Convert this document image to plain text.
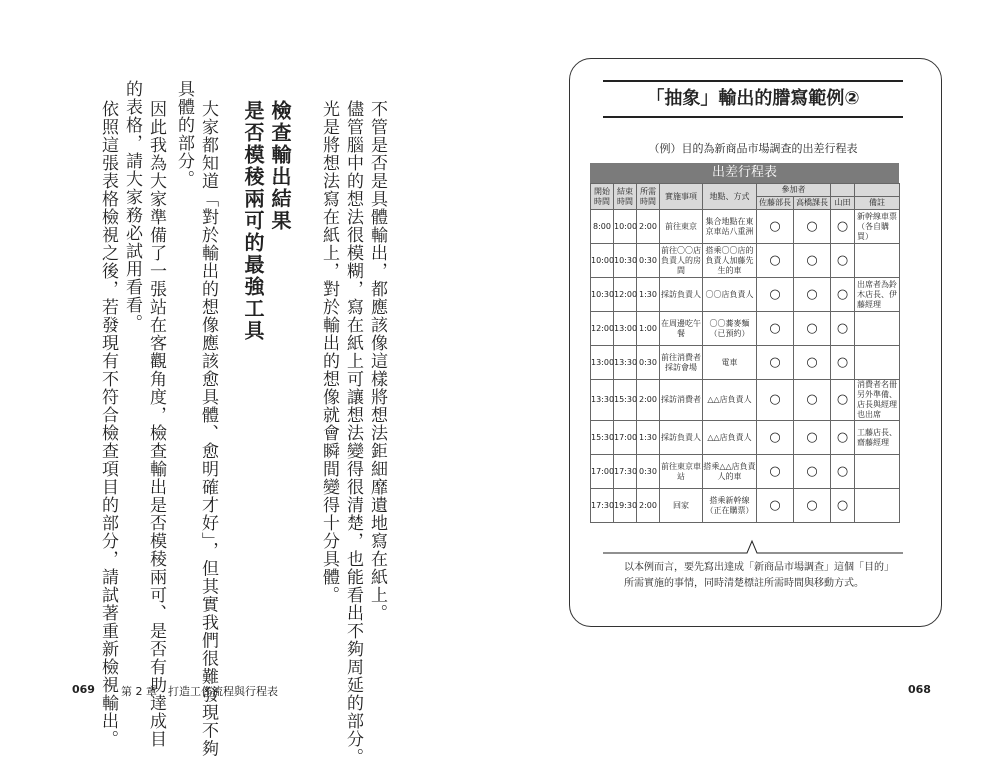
不管是否是具體輸出，都應該像這樣將想法鉅細靡遺地寫在紙上。
儘管腦中的想法很模糊，寫在紙上可讓想法變得很清楚，也能看出不夠周延的部分。
光是將想法寫在紙上，對於輸出的想像就會瞬間變得十分具體。
檢查輸出結果
是否模稜兩可的最強工具
大家都知道「對於輸出的想像應該愈具體、愈明確才好」，但其實我們很難發現不夠
具體的部分。
因此我為大家準備了一張站在客觀角度，檢查輸出是否模稜兩可、是否有助達成目
的表格，請大家務必試用看看。
依照這張表格檢視之後，若發現有不符合檢查項目的部分，請試著重新檢視輸出。
069 第 2 章　打造工作流程與行程表	068
「抽象」輸出的謄寫範例②
（例）目的為新商品市場調查的出差行程表
出差行程表
開始時間	結束時間	所需時間	實施事項	地點、方式	參加者			
					佐藤部長	高橋課長	山田	備註
8:00	10:00	2:00	前往東京	集合地點在東京車站八重洲	○	○	○	新幹線車票（各自購買）
10:00	10:30	0:30	前往〇〇店負責人的房間	搭乘〇〇店的負責人加藤先生的車	○	○	○	
10:30	12:00	1:30	採訪負責人	〇〇店負責人	○	○	○	出席者為鈴木店長、伊藤經理
12:00	13:00	1:00	在周邊吃午餐	〇〇蕎麥麵（已預約）	○	○	○	
13:00	13:30	0:30	前往消費者採訪會場	電車	○	○	○	
13:30	15:30	2:00	採訪消費者	△△店負責人	○	○	○	消費者名冊另外準備、店長與經理也出席
15:30	17:00	1:30	採訪負責人	△△店負責人	○	○	○	工藤店長、齋藤經理
17:00	17:30	0:30	前往東京車站	搭乘△△店負責人的車	○	○	○	
17:30	19:30	2:00	回家	搭乘新幹線（正在購票）	○	○	○	
以本例而言，要先寫出達成「新商品市場調查」這個「目的」所需實施的事情，同時清楚標註所需時間與移動方式。
